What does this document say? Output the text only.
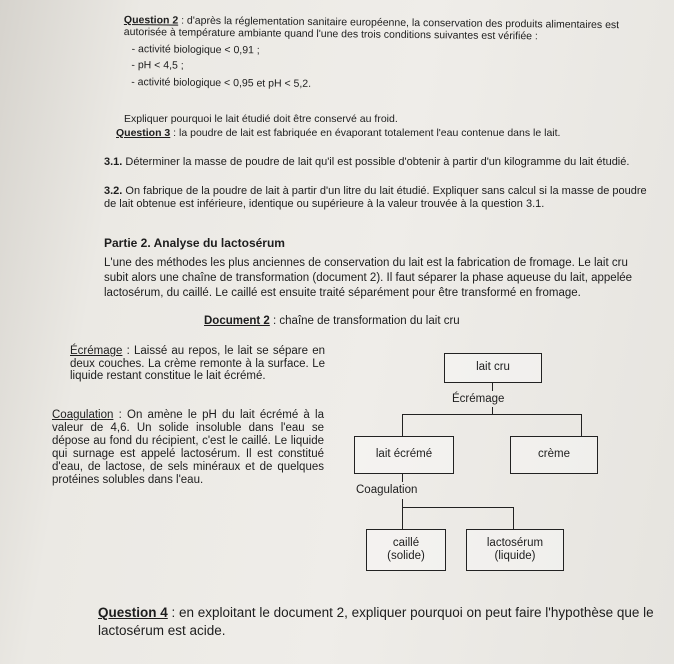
Question 2 : d'après la réglementation sanitaire européenne, la conservation des produits alimentaires est autorisée à température ambiante quand l'une des trois conditions suivantes est vérifiée :
- activité biologique < 0,91 ;
- pH < 4,5 ;
- activité biologique < 0,95 et pH < 5,2.
Expliquer pourquoi le lait étudié doit être conservé au froid.
Question 3 : la poudre de lait est fabriquée en évaporant totalement l'eau contenue dans le lait.
3.1. Déterminer la masse de poudre de lait qu'il est possible d'obtenir à partir d'un kilogramme du lait étudié.
3.2. On fabrique de la poudre de lait à partir d'un litre du lait étudié. Expliquer sans calcul si la masse de poudre de lait obtenue est inférieure, identique ou supérieure à la valeur trouvée à la question 3.1.
Partie 2. Analyse du lactosérum
L'une des méthodes les plus anciennes de conservation du lait est la fabrication de fromage. Le lait cru subit alors une chaîne de transformation (document 2). Il faut séparer la phase aqueuse du lait, appelée lactosérum, du caillé. Le caillé est ensuite traité séparément pour être transformé en fromage.
Document 2 : chaîne de transformation du lait cru
Écrémage : Laissé au repos, le lait se sépare en deux couches. La crème remonte à la surface. Le liquide restant constitue le lait écrémé.
Coagulation : On amène le pH du lait écrémé à la valeur de 4,6. Un solide insoluble dans l'eau se dépose au fond du récipient, c'est le caillé. Le liquide qui surnage est appelé lactosérum. Il est constitué d'eau, de lactose, de sels minéraux et de quelques protéines solubles dans l'eau.
lait cru
Écrémage
lait écrémé	crème
Coagulation
caillé
(solide)
lactosérum
(liquide)
Question 4 : en exploitant le document 2, expliquer pourquoi on peut faire l'hypothèse que le lactosérum est acide.
